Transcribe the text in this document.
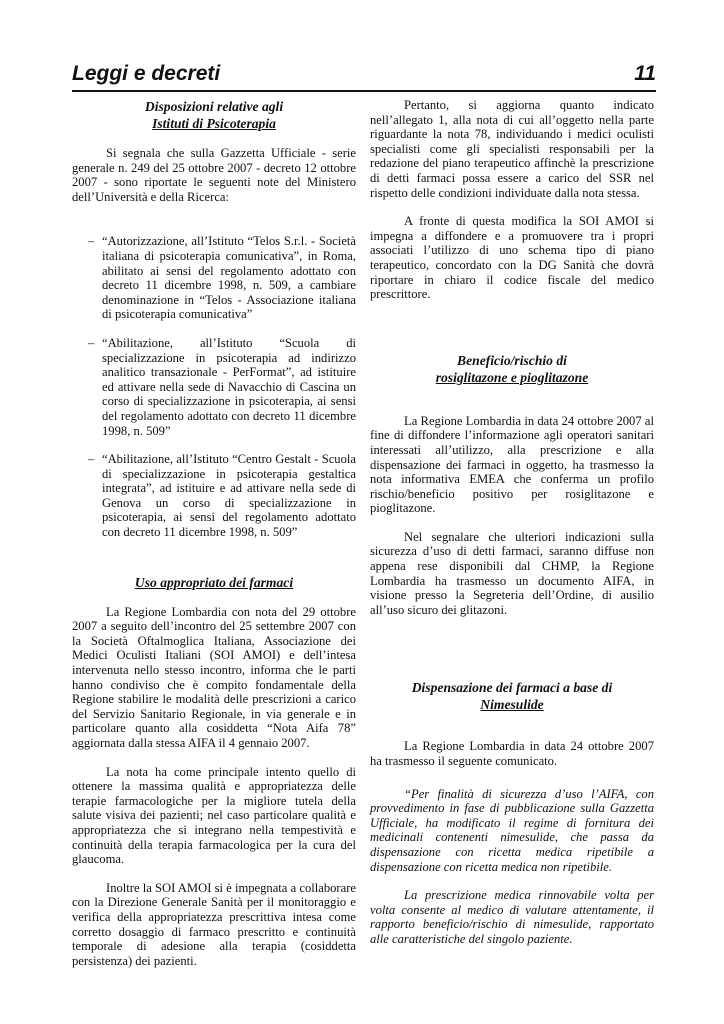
Leggi e decreti	11
Disposizioni relative agli
Istituti di Psicoterapia

Si segnala che sulla Gazzetta Ufficiale - serie generale n. 249 del 25 ottobre 2007 - decreto 12 ottobre 2007 - sono riportate le seguenti note del Ministero dell’Università e della Ricerca:

– “Autorizzazione, all’Istituto “Telos S.r.l. - Società italiana di psicoterapia comunicativa”, in Roma, abilitato ai sensi del regolamento adottato con decreto 11 dicembre 1998, n. 509, a cambiare denominazione in “Telos - Associazione italiana di psicoterapia comunicativa”
– “Abilitazione, all’Istituto “Scuola di specializzazione in psicoterapia ad indirizzo analitico transazionale - PerFormat”, ad istituire ed attivare nella sede di Navacchio di Cascina un corso di specializzazione in psicoterapia, ai sensi del regolamento adottato con decreto 11 dicembre 1998, n. 509”
– “Abilitazione, all’Istituto “Centro Gestalt - Scuola di specializzazione in psicoterapia gestaltica integrata”, ad istituire e ad attivare nella sede di Genova un corso di specializzazione in psicoterapia, ai sensi del regolamento adottato con decreto 11 dicembre 1998, n. 509”
Uso appropriato dei farmaci

La Regione Lombardia con nota del 29 ottobre 2007 a seguito dell’incontro del 25 settembre 2007 con la Società Oftalmoglica Italiana, Associazione dei Medici Oculisti Italiani (SOI AMOI) e dell’intesa intervenuta nello stesso incontro, informa che le parti hanno condiviso che è compito fondamentale della Regione stabilire le modalità delle prescrizioni a carico del Servizio Sanitario Regionale, in via generale e in particolare quanto alla cosiddetta “Nota Aifa 78” aggiornata dalla stessa AIFA il 4 gennaio 2007.

La nota ha come principale intento quello di ottenere la massima qualità e appropriatezza delle terapie farmacologiche per la migliore tutela della salute visiva dei pazienti; nel caso particolare qualità e appropriatezza che si integrano nella tempestività e continuità della terapia farmacologica per la cura del glaucoma.

Inoltre la SOI AMOI si è impegnata a collaborare con la Direzione Generale Sanità per il monitoraggio e verifica della appropriatezza prescrittiva intesa come corretto dosaggio di farmaco prescritto e continuità temporale di adesione alla terapia (cosiddetta persistenza) dei pazienti.

Pertanto, si aggiorna quanto indicato nell’allegato 1, alla nota di cui all’oggetto nella parte riguardante la nota 78, individuando i medici oculisti specialisti come gli specialisti responsabili per la redazione del piano terapeutico affinchè la prescrizione di detti farmaci possa essere a carico del SSR nel rispetto delle condizioni individuate dalla nota stessa.

A fronte di questa modifica la SOI AMOI si impegna a diffondere e a promuovere tra i propri associati l’utilizzo di uno schema tipo di piano terapeutico, concordato con la DG Sanità che dovrà riportare in chiaro il codice fiscale del medico prescrittore.

Beneficio/rischio di
rosiglitazone e pioglitazone

La Regione Lombardia in data 24 ottobre 2007 al fine di diffondere l’informazione agli operatori sanitari interessati all’utilizzo, alla prescrizione e alla dispensazione dei farmaci in oggetto, ha trasmesso la nota informativa EMEA che conferma un profilo rischio/beneficio positivo per rosiglitazone e pioglitazone.

Nel segnalare che ulteriori indicazioni sulla sicurezza d’uso di detti farmaci, saranno diffuse non appena rese disponibili dal CHMP, la Regione Lombardia ha trasmesso un documento AIFA, in visione presso la Segreteria dell’Ordine, di ausilio all’uso sicuro dei glitazoni.

Dispensazione dei farmaci a base di
Nimesulide

La Regione Lombardia in data 24 ottobre 2007 ha trasmesso il seguente comunicato.

“Per finalità di sicurezza d’uso l’AIFA, con provvedimento in fase di pubblicazione sulla Gazzetta Ufficiale, ha modificato il regime di fornitura dei medicinali contenenti nimesulide, che passa da dispensazione con ricetta medica ripetibile a dispensazione con ricetta medica non ripetibile.

La prescrizione medica rinnovabile volta per volta consente al medico di valutare attentamente, il rapporto beneficio/rischio di nimesulide, rapportato alle caratteristiche del singolo paziente.
